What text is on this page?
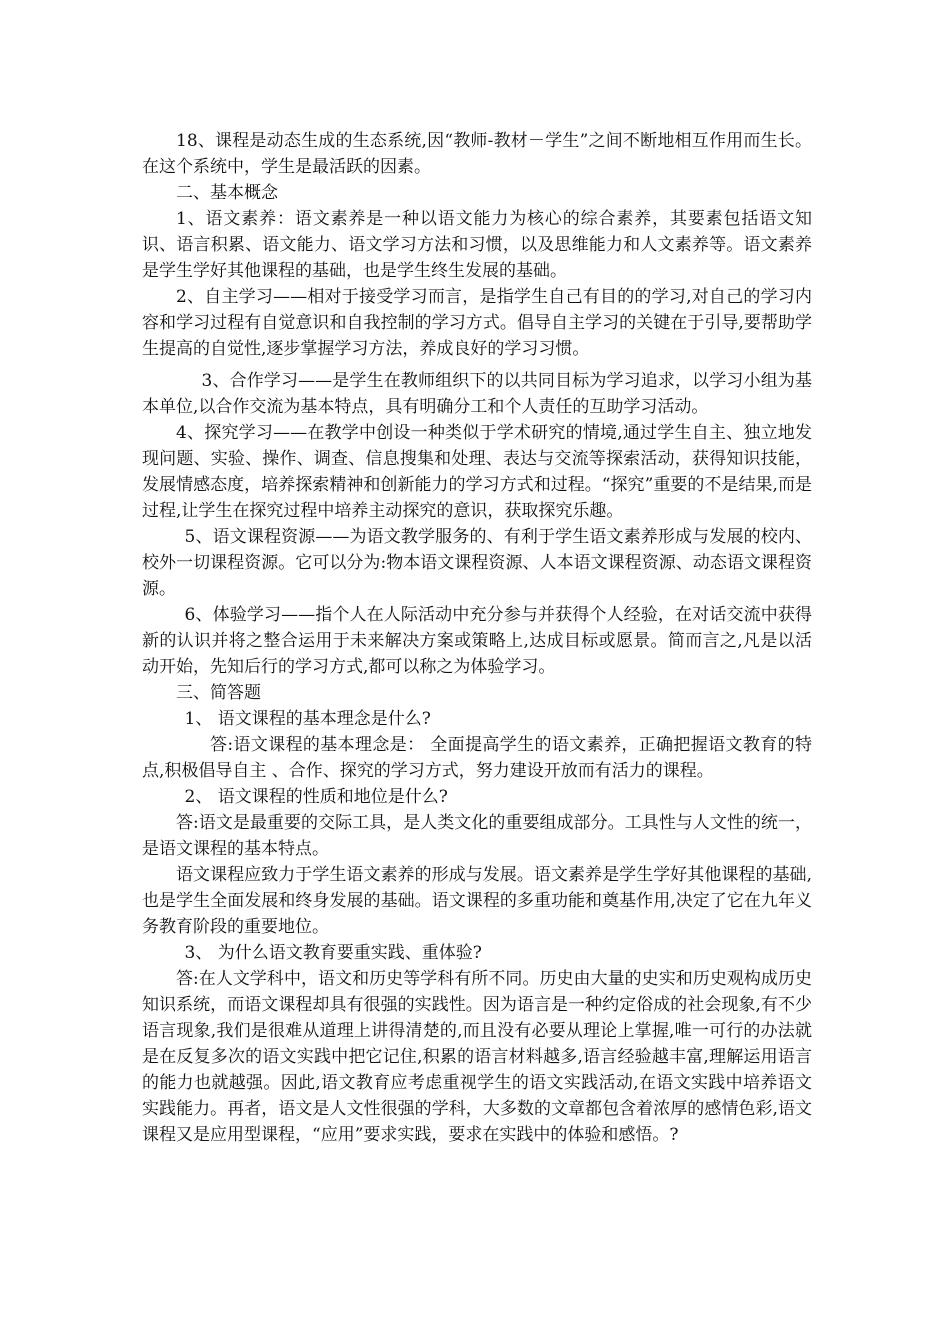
18、课程是动态生成的生态系统,因“教师-教材－学生”之间不断地相互作用而生长。在这个系统中，学生是最活跃的因素。

二、基本概念

1、语文素养：语文素养是一种以语文能力为核心的综合素养，其要素包括语文知识、语言积累、语文能力、语文学习方法和习惯，以及思维能力和人文素养等。语文素养是学生学好其他课程的基础，也是学生终生发展的基础。

2、自主学习——相对于接受学习而言，是指学生自己有目的的学习,对自己的学习内容和学习过程有自觉意识和自我控制的学习方式。倡导自主学习的关键在于引导,要帮助学生提高的自觉性,逐步掌握学习方法，养成良好的学习习惯。

3、合作学习——是学生在教师组织下的以共同目标为学习追求，以学习小组为基本单位,以合作交流为基本特点，具有明确分工和个人责任的互助学习活动。

4、探究学习——在教学中创设一种类似于学术研究的情境,通过学生自主、独立地发现问题、实验、操作、调查、信息搜集和处理、表达与交流等探索活动，获得知识技能，发展情感态度，培养探索精神和创新能力的学习方式和过程。“探究”重要的不是结果,而是过程,让学生在探究过程中培养主动探究的意识，获取探究乐趣。

5、语文课程资源——为语文教学服务的、有利于学生语文素养形成与发展的校内、校外一切课程资源。它可以分为:物本语文课程资源、人本语文课程资源、动态语文课程资源。

6、体验学习——指个人在人际活动中充分参与并获得个人经验，在对话交流中获得新的认识并将之整合运用于未来解决方案或策略上,达成目标或愿景。简而言之,凡是以活动开始，先知后行的学习方式,都可以称之为体验学习。

三、简答题

1、 语文课程的基本理念是什么?

答:语文课程的基本理念是： 全面提高学生的语文素养，正确把握语文教育的特点,积极倡导自主 、合作、探究的学习方式，努力建设开放而有活力的课程。

2、 语文课程的性质和地位是什么?

答:语文是最重要的交际工具，是人类文化的重要组成部分。工具性与人文性的统一，是语文课程的基本特点。

语文课程应致力于学生语文素养的形成与发展。语文素养是学生学好其他课程的基础,也是学生全面发展和终身发展的基础。语文课程的多重功能和奠基作用,决定了它在九年义务教育阶段的重要地位。

3、 为什么语文教育要重实践、重体验?

答:在人文学科中，语文和历史等学科有所不同。历史由大量的史实和历史观构成历史知识系统，而语文课程却具有很强的实践性。因为语言是一种约定俗成的社会现象,有不少语言现象,我们是很难从道理上讲得清楚的,而且没有必要从理论上掌握,唯一可行的办法就是在反复多次的语文实践中把它记住,积累的语言材料越多,语言经验越丰富,理解运用语言的能力也就越强。因此,语文教育应考虑重视学生的语文实践活动,在语文实践中培养语文实践能力。再者，语文是人文性很强的学科，大多数的文章都包含着浓厚的感情色彩,语文课程又是应用型课程，“应用”要求实践，要求在实践中的体验和感悟。?
